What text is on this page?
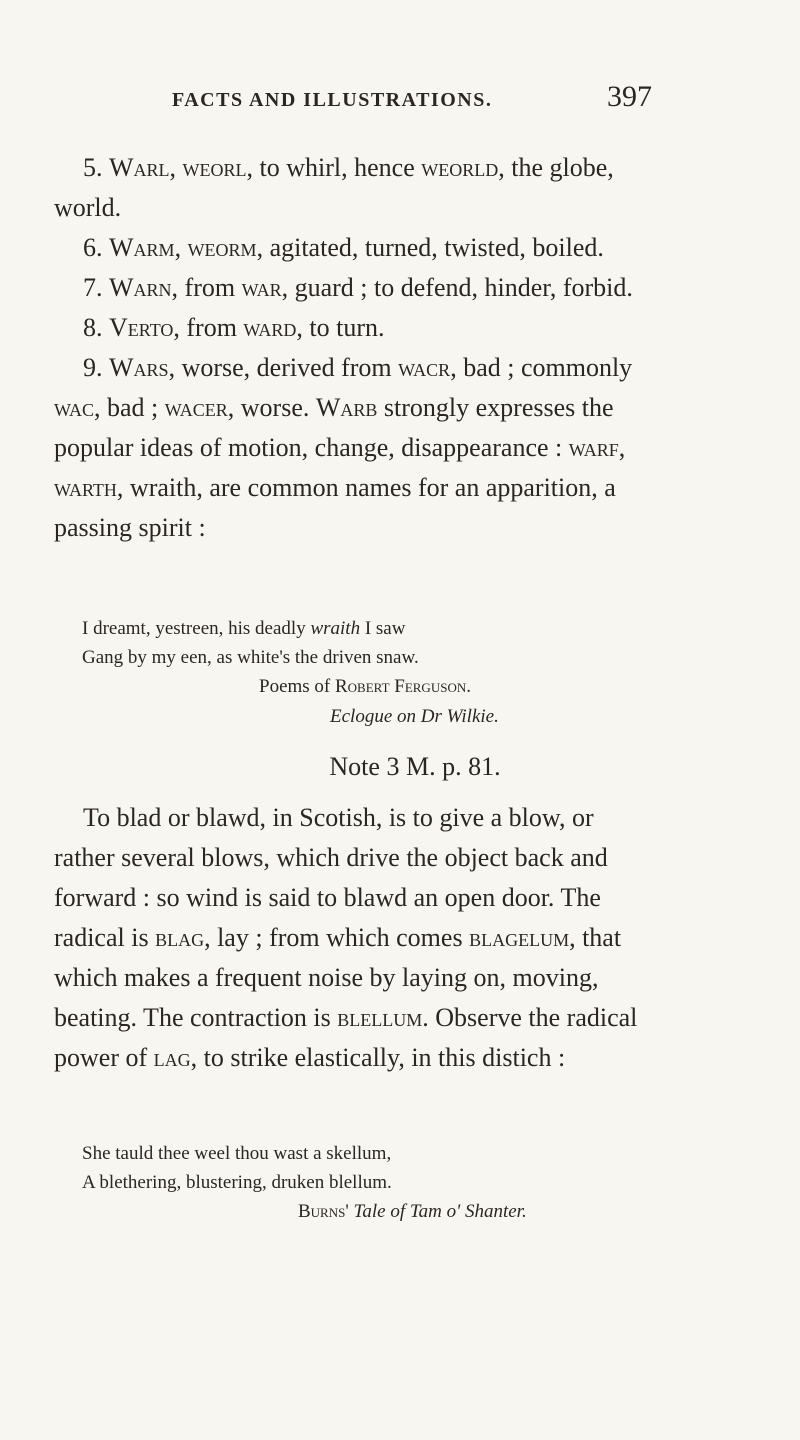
FACTS AND ILLUSTRATIONS.	397

5. Warl, weorl, to whirl, hence weorld, the globe, world.

6. Warm, weorm, agitated, turned, twisted, boiled.

7. Warn, from war, guard ; to defend, hinder, forbid.

8. Verto, from ward, to turn.

9. Wars, worse, derived from wacr, bad ; commonly wac, bad ; wacer, worse. Warb strongly expresses the popular ideas of motion, change, disappearance : warf, warth, wraith, are common names for an apparition, a passing spirit :

I dreamt, yestreen, his deadly wraith I saw
Gang by my een, as white's the driven snaw.
Poems of Robert Ferguson.
Eclogue on Dr Wilkie.
Note 3 M. p. 81.

To blad or blawd, in Scotish, is to give a blow, or rather several blows, which drive the object back and forward : so wind is said to blawd an open door. The radical is blag, lay ; from which comes blagelum, that which makes a frequent noise by laying on, moving, beating. The contraction is blellum. Observe the radical power of lag, to strike elastically, in this distich :

She tauld thee weel thou wast a skellum,
A blethering, blustering, druken blellum.
Burns' Tale of Tam o' Shanter.
